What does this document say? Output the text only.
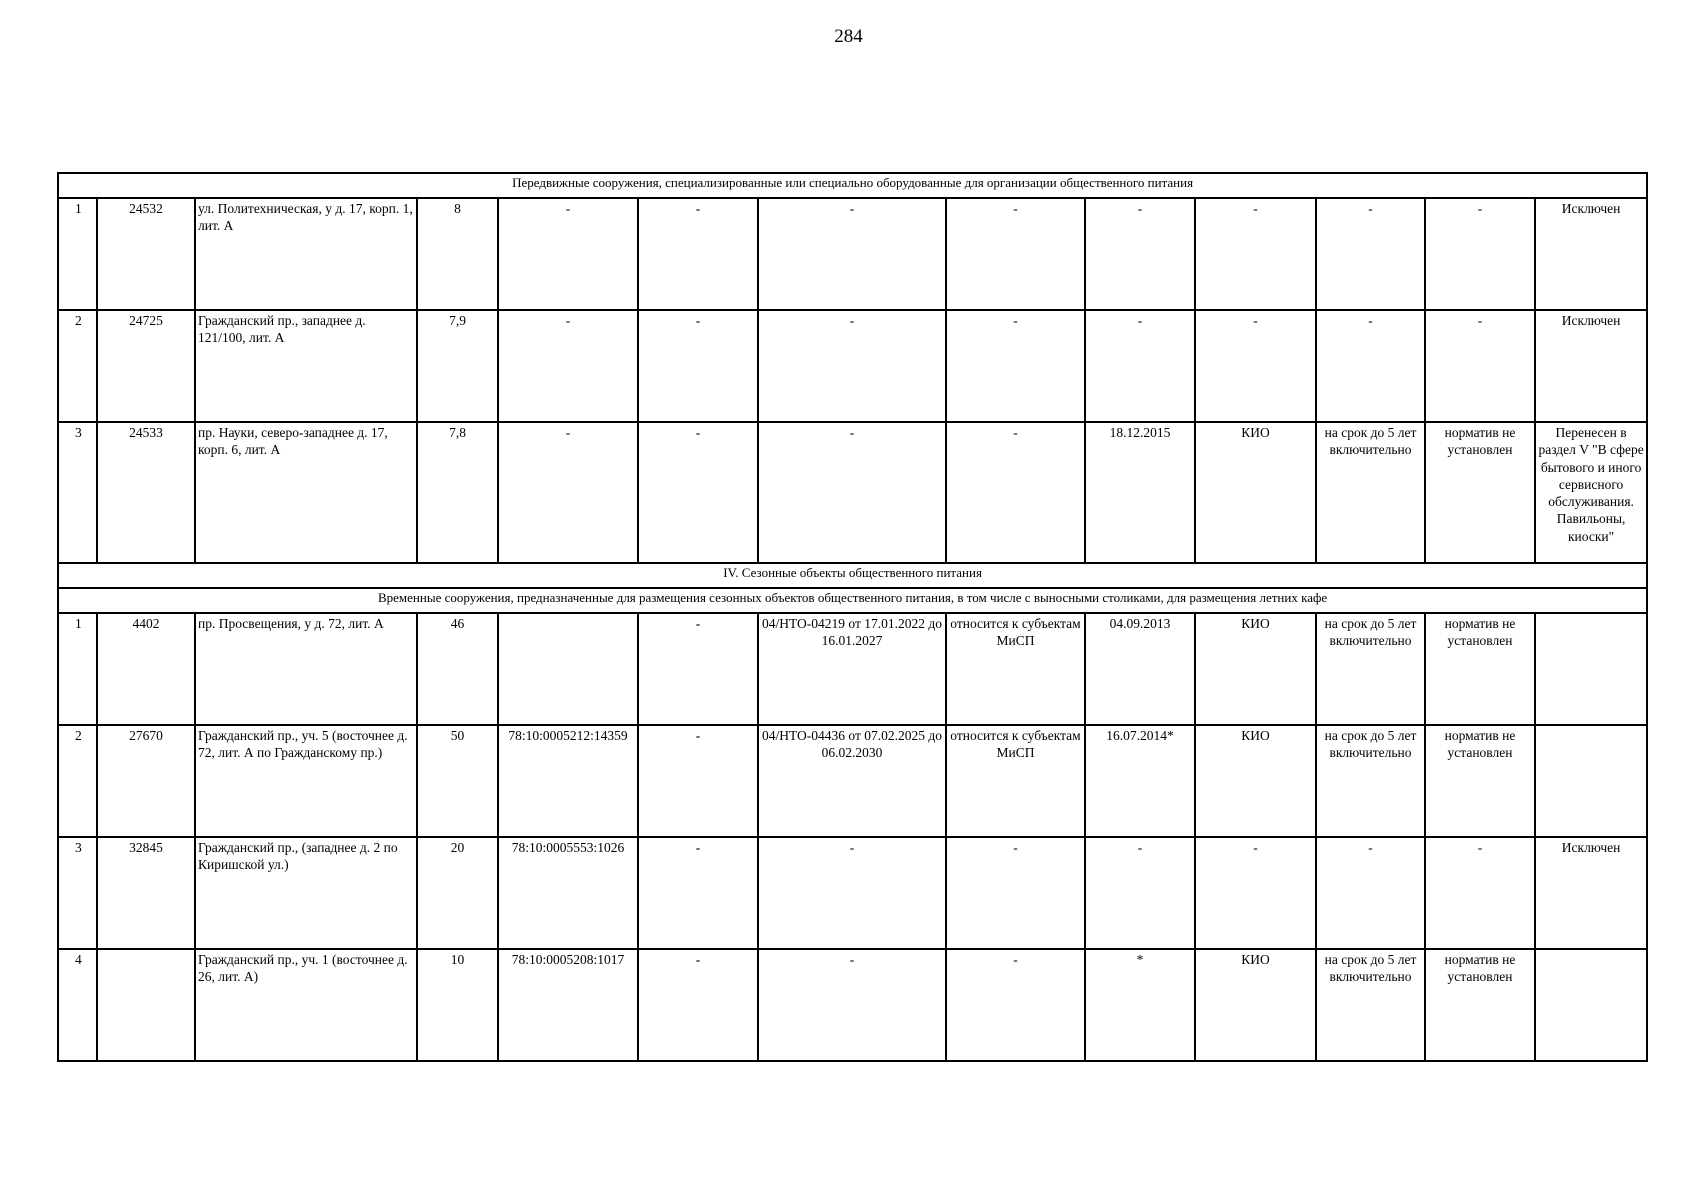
284
Передвижные сооружения, специализированные или специально оборудованные для организации общественного питания												
1	24532	ул. Политехническая, у д. 17, корп. 1, лит. А	8	-	-	-	-	-	-	-	-	Исключен
2	24725	Гражданский пр., западнее д. 121/100, лит. А	7,9	-	-	-	-	-	-	-	-	Исключен
3	24533	пр. Науки, северо-западнее д. 17, корп. 6, лит. А	7,8	-	-	-	-	18.12.2015	КИО	на срок до 5 лет включительно	норматив не установлен	Перенесен в раздел V "В сфере бытового и иного сервисного обслуживания. Павильоны, киоски"
IV. Сезонные объекты общественного питания												
Временные сооружения, предназначенные для размещения сезонных объектов общественного питания, в том числе с выносными столиками, для размещения летних кафе												
1	4402	пр. Просвещения, у д. 72, лит. А	46		-	04/НТО-04219 от 17.01.2022 до 16.01.2027	относится к субъектам МиСП	04.09.2013	КИО	на срок до 5 лет включительно	норматив не установлен	
2	27670	Гражданский пр., уч. 5 (восточнее д. 72, лит. А по Гражданскому пр.)	50	78:10:0005212:14359	-	04/НТО-04436 от 07.02.2025 до 06.02.2030	относится к субъектам МиСП	16.07.2014*	КИО	на срок до 5 лет включительно	норматив не установлен	
3	32845	Гражданский пр., (западнее д. 2 по Киришской ул.)	20	78:10:0005553:1026	-	-	-	-	-	-	-	Исключен
4		Гражданский пр., уч. 1 (восточнее д. 26, лит. А)	10	78:10:0005208:1017	-	-	-	*	КИО	на срок до 5 лет включительно	норматив не установлен	
